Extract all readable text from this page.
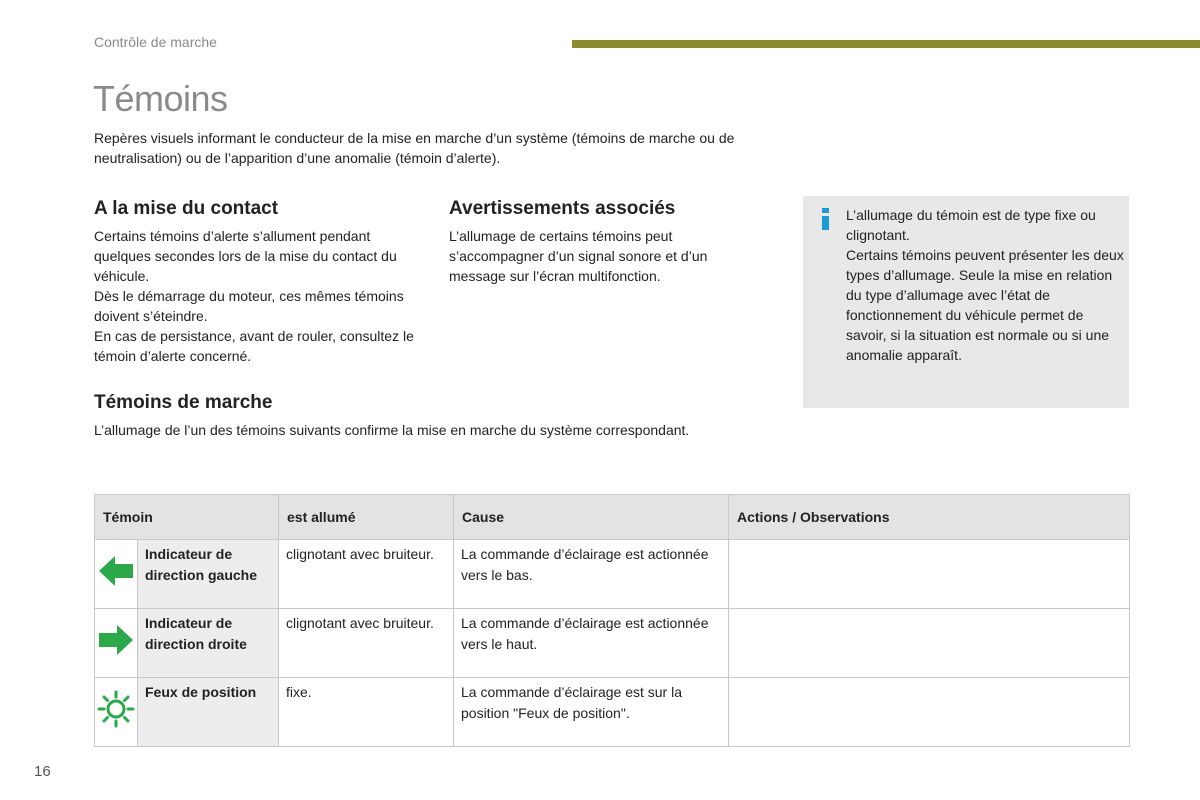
Contrôle de marche
Témoins

Repères visuels informant le conducteur de la mise en marche d’un système (témoins de marche ou de neutralisation) ou de l’apparition d’une anomalie (témoin d’alerte).

A la mise du contact

Certains témoins d’alerte s’allument pendant quelques secondes lors de la mise du contact du véhicule.

Dès le démarrage du moteur, ces mêmes témoins doivent s’éteindre.

En cas de persistance, avant de rouler, consultez le témoin d’alerte concerné.

Avertissements associés

L’allumage de certains témoins peut s’accompagner d’un signal sonore et d’un message sur l’écran multifonction.

L’allumage du témoin est de type fixe ou clignotant.

Certains témoins peuvent présenter les deux types d’allumage. Seule la mise en relation du type d’allumage avec l’état de fonctionnement du véhicule permet de savoir, si la situation est normale ou si une anomalie apparaît.

Témoins de marche

L’allumage de l’un des témoins suivants confirme la mise en marche du système correspondant.

Témoin		est allumé	Cause	Actions / Observations
	Indicateur de direction gauche	clignotant avec bruiteur.	La commande d’éclairage est actionnée vers le bas.	
	Indicateur de direction droite	clignotant avec bruiteur.	La commande d’éclairage est actionnée vers le haut.	
	Feux de position	fixe.	La commande d’éclairage est sur la position "Feux de position".	
16
